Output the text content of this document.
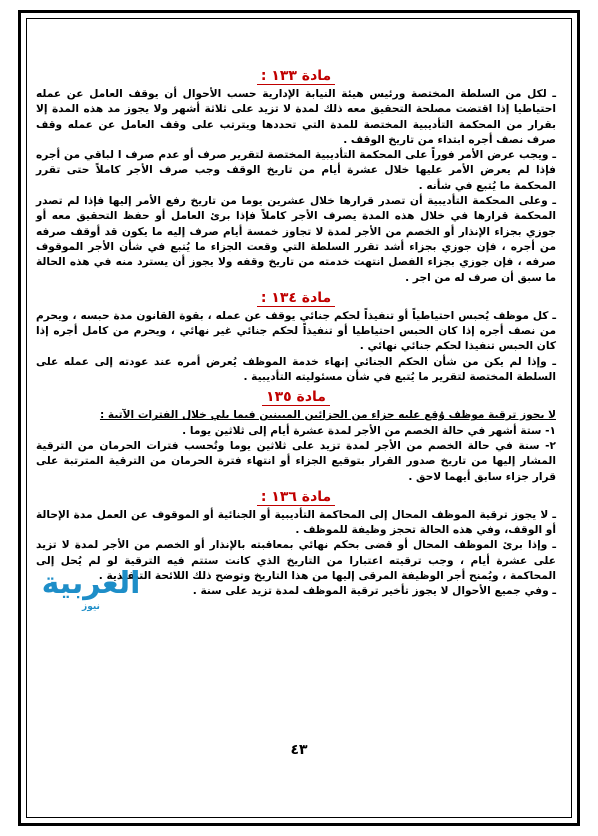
مادة ١٣٣ :

ـ لكل من السلطة المختصة ورئيس هيئة النيابة الإدارية حسب الأحوال أن يوقف العامل عن عمله احتياطيا إذا اقتضت مصلحة التحقيق معه ذلك لمدة لا تزيد على ثلاثة أشهر ولا يجوز مد هذه المدة إلا بقرار من المحكمة التأديبية المختصة للمدة التي تحددها ويترتب على وقف العامل عن عمله وقف صرف نصف أجره ابتداء من تاريخ الوقف .

ـ ويجب عرض الأمر فوراً على المحكمة التأديبية المختصة لتقرير صرف أو عدم صرف ا لباقي من أجره فإذا لم يعرض الأمر عليها خلال عشرة أيام من تاريخ الوقف وجب صرف الأجر كاملاً حتى تقرر المحكمة ما يُتبع في شأنه .

ـ وعلى المحكمة التأديبية أن تصدر قرارها خلال عشرين يوما من تاريخ رفع الأمر إليها فإذا لم تصدر المحكمة قرارها في خلال هذه المدة يصرف الأجر كاملاً فإذا برئ العامل أو حفظ التحقيق معه أو جوزي بجزاء الإنذار أو الخصم من الأجر لمدة لا تجاوز خمسة أيام صرف إليه ما يكون قد أوقف صرفه من أجره ، فإن جوزي بجزاء أشد تقرر السلطة التي وقعت الجزاء ما يُتبع في شأن الأجر الموقوف صرفه ، فإن جوزي بجزاء الفصل انتهت خدمته من تاريخ وقفه ولا يجوز أن يسترد منه في هذه الحالة ما سبق أن صرف له من اجر .

مادة ١٣٤ :

ـ كل موظف يُحبس احتياطياً أو تنفيذاً لحكم جنائي يوقف عن عمله ، بقوة القانون مدة حبسه ، ويحرم من نصف أجره إذا كان الحبس احتياطيا أو تنفيذاً لحكم جنائي غير نهائي ، ويحرم من كامل أجره إذا كان الحبس تنفيذا لحكم جنائي نهائي .

ـ وإذا لم يكن من شأن الحكم الجنائي إنهاء خدمة الموظف يُعرض أمره عند عودته إلى عمله على السلطة المختصة لتقرير ما يُتبع في شأن مسئوليته التأديبية .

مادة ١٣٥

لا يجوز ترقية موظف وُقع عليه جزاء من الجزائين المبينين فيما يلي خلال الفترات الآتية :

١- ستة أشهر في حالة الخصم من الأجر لمدة عشرة أيام إلى ثلاثين يوما .

٢- سنة في حالة الخصم من الأجر لمدة تزيد على ثلاثين يوما وتُحسب فترات الحرمان من الترقية المشار إليها من تاريخ صدور القرار بتوقيع الجزاء أو انتهاء فترة الحرمان من الترقية المترتبة على قرار جزاء سابق أيهما لاحق .

مادة ١٣٦ :

ـ لا يجوز ترقية الموظف المحال إلى المحاكمة التأديبية أو الجنائية أو الموقوف عن العمل مدة الإحالة أو الوقف، وفي هذه الحالة تحجز وظيفة للموظف .

ـ وإذا برئ الموظف المحال أو قضى بحكم نهائي بمعاقبته بالإنذار أو الخصم من الأجر لمدة لا تزيد على عشرة أيام ، وجب ترقيته اعتبارا من التاريخ الذي كانت ستتم فيه الترقية لو لم يُحل إلى المحاكمة ، ويُمنح أجر الوظيفة المرقى إليها من هذا التاريخ وتوضح ذلك اللائحة التنفيذية .

ـ وفي جميع الأحوال لا يجوز تأخير ترقية الموظف لمدة تزيد على سنة .

العربية
نيوز
٤٣
